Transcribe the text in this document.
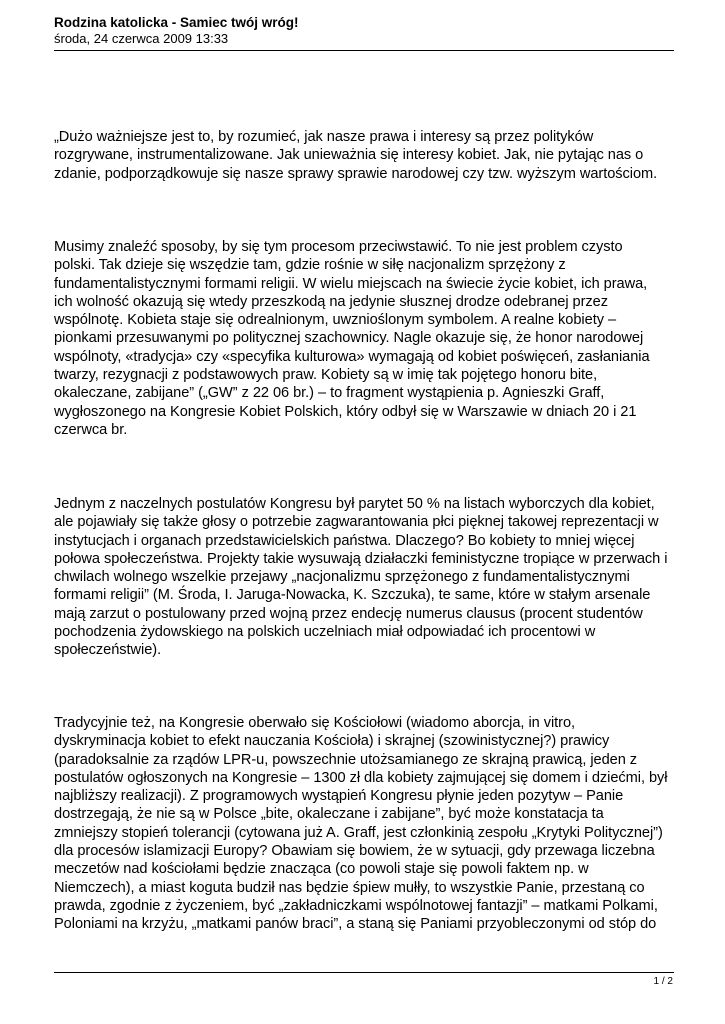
Rodzina katolicka - Samiec twój wróg!
środa, 24 czerwca 2009 13:33
„Dużo ważniejsze jest to, by rozumieć, jak nasze prawa i interesy są przez polityków
rozgrywane, instrumentalizowane. Jak unieważnia się interesy kobiet. Jak, nie pytając nas o
zdanie, podporządkowuje się nasze sprawy sprawie narodowej czy tzw. wyższym wartościom.
Musimy znaleźć sposoby, by się tym procesom przeciwstawić. To nie jest problem czysto
polski. Tak dzieje się wszędzie tam, gdzie rośnie w siłę nacjonalizm sprzężony z
fundamentalistycznymi formami religii. W wielu miejscach na świecie życie kobiet, ich prawa,
ich wolność okazują się wtedy przeszkodą na jedynie słusznej drodze odebranej przez
wspólnotę. Kobieta staje się odrealnionym, uwznioślonym symbolem. A realne kobiety –
pionkami przesuwanymi po politycznej szachownicy. Nagle okazuje się, że honor narodowej
wspólnoty, «tradycja» czy «specyfika kulturowa» wymagają od kobiet poświęceń, zasłaniania
twarzy, rezygnacji z podstawowych praw. Kobiety są w imię tak pojętego honoru bite,
okaleczane, zabijane” („GW” z 22 06 br.) – to fragment wystąpienia p. Agnieszki Graff,
wygłoszonego na Kongresie Kobiet Polskich, który odbył się w Warszawie w dniach 20 i 21
czerwca br.
Jednym z naczelnych postulatów Kongresu był parytet 50 % na listach wyborczych dla kobiet,
ale pojawiały się także głosy o potrzebie zagwarantowania płci pięknej takowej reprezentacji w
instytucjach i organach przedstawicielskich państwa. Dlaczego? Bo kobiety to mniej więcej
połowa społeczeństwa. Projekty takie wysuwają działaczki feministyczne tropiące w przerwach i
chwilach wolnego wszelkie przejawy „nacjonalizmu sprzężonego z fundamentalistycznymi
formami religii” (M. Środa, I. Jaruga-Nowacka, K. Szczuka), te same, które w stałym arsenale
mają zarzut o postulowany przed wojną przez endecję numerus clausus (procent studentów
pochodzenia żydowskiego na polskich uczelniach miał odpowiadać ich procentowi w
społeczeństwie).
Tradycyjnie też, na Kongresie oberwało się Kościołowi (wiadomo aborcja, in vitro,
dyskryminacja kobiet to efekt nauczania Kościoła) i skrajnej (szowinistycznej?) prawicy
(paradoksalnie za rządów LPR-u, powszechnie utożsamianego ze skrajną prawicą, jeden z
postulatów ogłoszonych na Kongresie – 1300 zł dla kobiety zajmującej się domem i dziećmi, był
najbliższy realizacji). Z programowych wystąpień Kongresu płynie jeden pozytyw – Panie
dostrzegają, że nie są w Polsce „bite, okaleczane i zabijane”, być może konstatacja ta
zmniejszy stopień tolerancji (cytowana już A. Graff, jest członkinią zespołu „Krytyki Politycznej”)
dla procesów islamizacji Europy? Obawiam się bowiem, że w sytuacji, gdy przewaga liczebna
meczetów nad kościołami będzie znacząca (co powoli staje się powoli faktem np. w
Niemczech), a miast koguta budził nas będzie śpiew mułły, to wszystkie Panie, przestaną co
prawda, zgodnie z życzeniem, być „zakładniczkami wspólnotowej fantazji” – matkami Polkami,
Poloniami na krzyżu, „matkami panów braci”, a staną się Paniami przyobleczonymi od stóp do
1 / 2
